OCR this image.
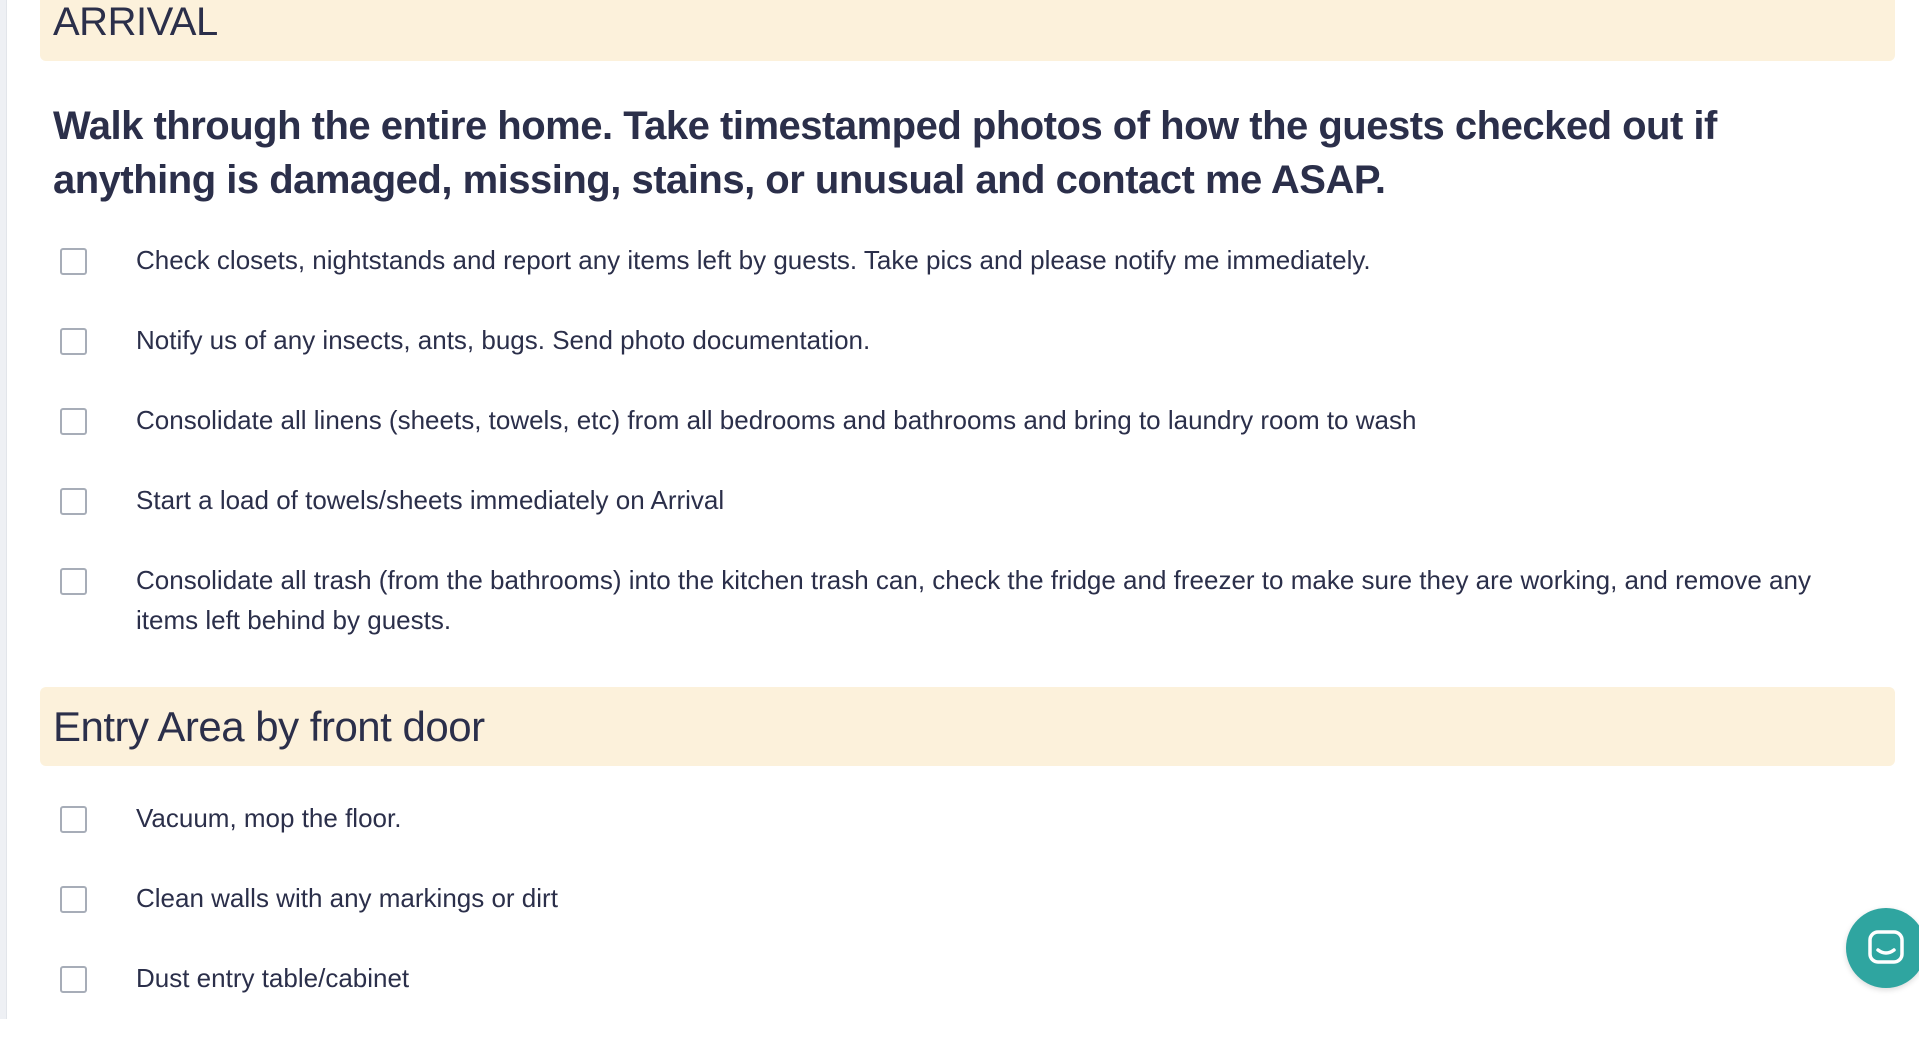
ARRIVAL
Walk through the entire home. Take timestamped photos of how the guests checked out if anything is damaged, missing, stains, or unusual and contact me ASAP.
Check closets, nightstands and report any items left by guests. Take pics and please notify me immediately.
Notify us of any insects, ants, bugs. Send photo documentation.
Consolidate all linens (sheets, towels, etc) from all bedrooms and bathrooms and bring to laundry room to wash
Start a load of towels/sheets immediately on Arrival
Consolidate all trash (from the bathrooms) into the kitchen trash can, check the fridge and freezer to make sure they are working, and remove any items left behind by guests.
Entry Area by front door
Vacuum, mop the floor.
Clean walls with any markings or dirt
Dust entry table/cabinet
